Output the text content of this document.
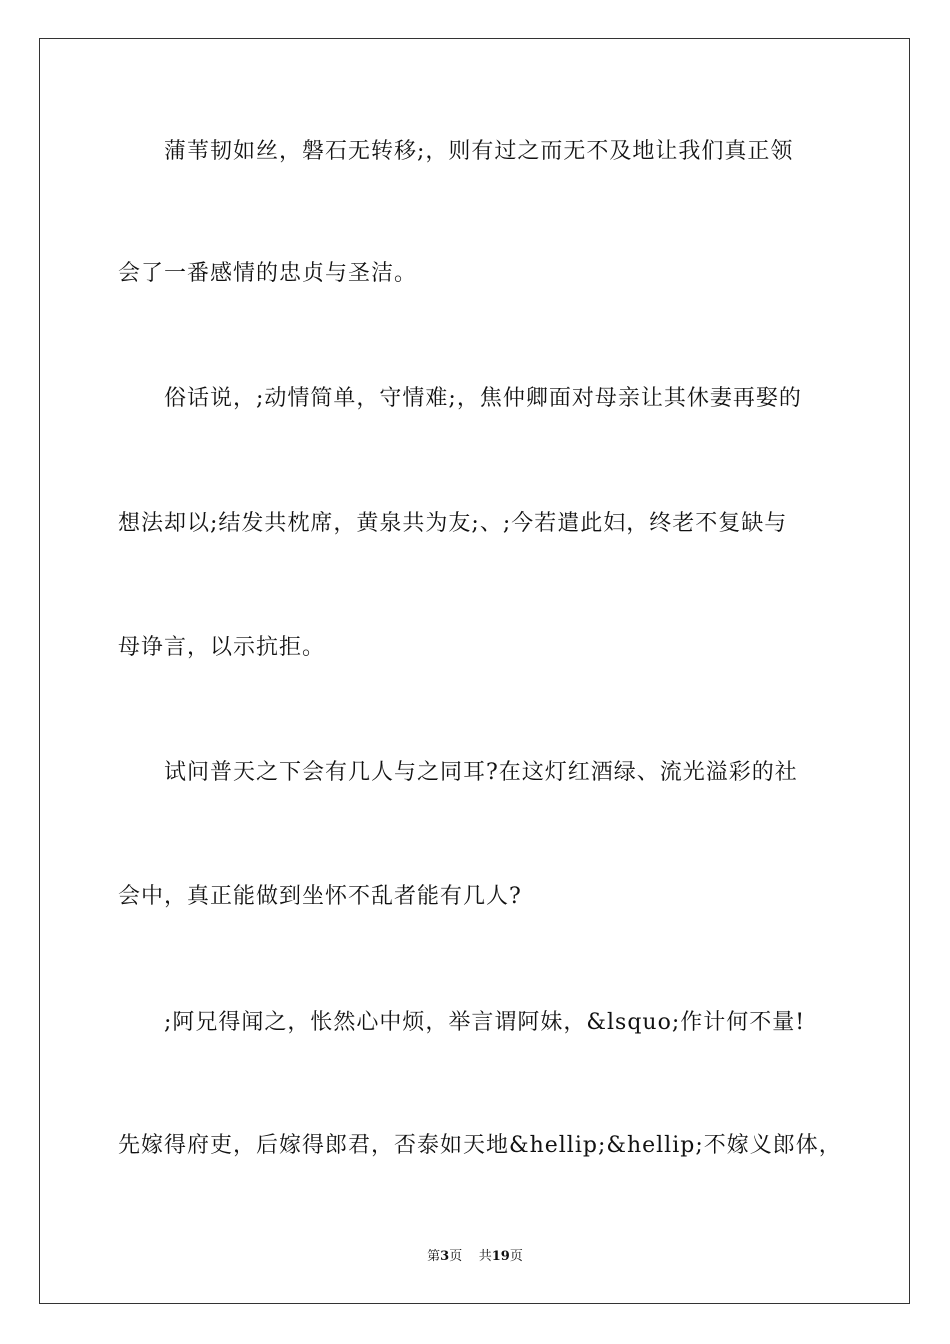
蒲苇韧如丝，磐石无转移;，则有过之而无不及地让我们真正领
会了一番感情的忠贞与圣洁。
俗话说，;动情简单，守情难;，焦仲卿面对母亲让其休妻再娶的
想法却以;结发共枕席，黄泉共为友;、;今若遣此妇，终老不复缺与
母诤言，以示抗拒。
试问普天之下会有几人与之同耳?在这灯红酒绿、流光溢彩的社
会中，真正能做到坐怀不乱者能有几人?
;阿兄得闻之，怅然心中烦，举言谓阿妹，&lsquo;作计何不量!
先嫁得府吏，后嫁得郎君，否泰如天地&hellip;&hellip;不嫁义郎体，
第3页 共19页
